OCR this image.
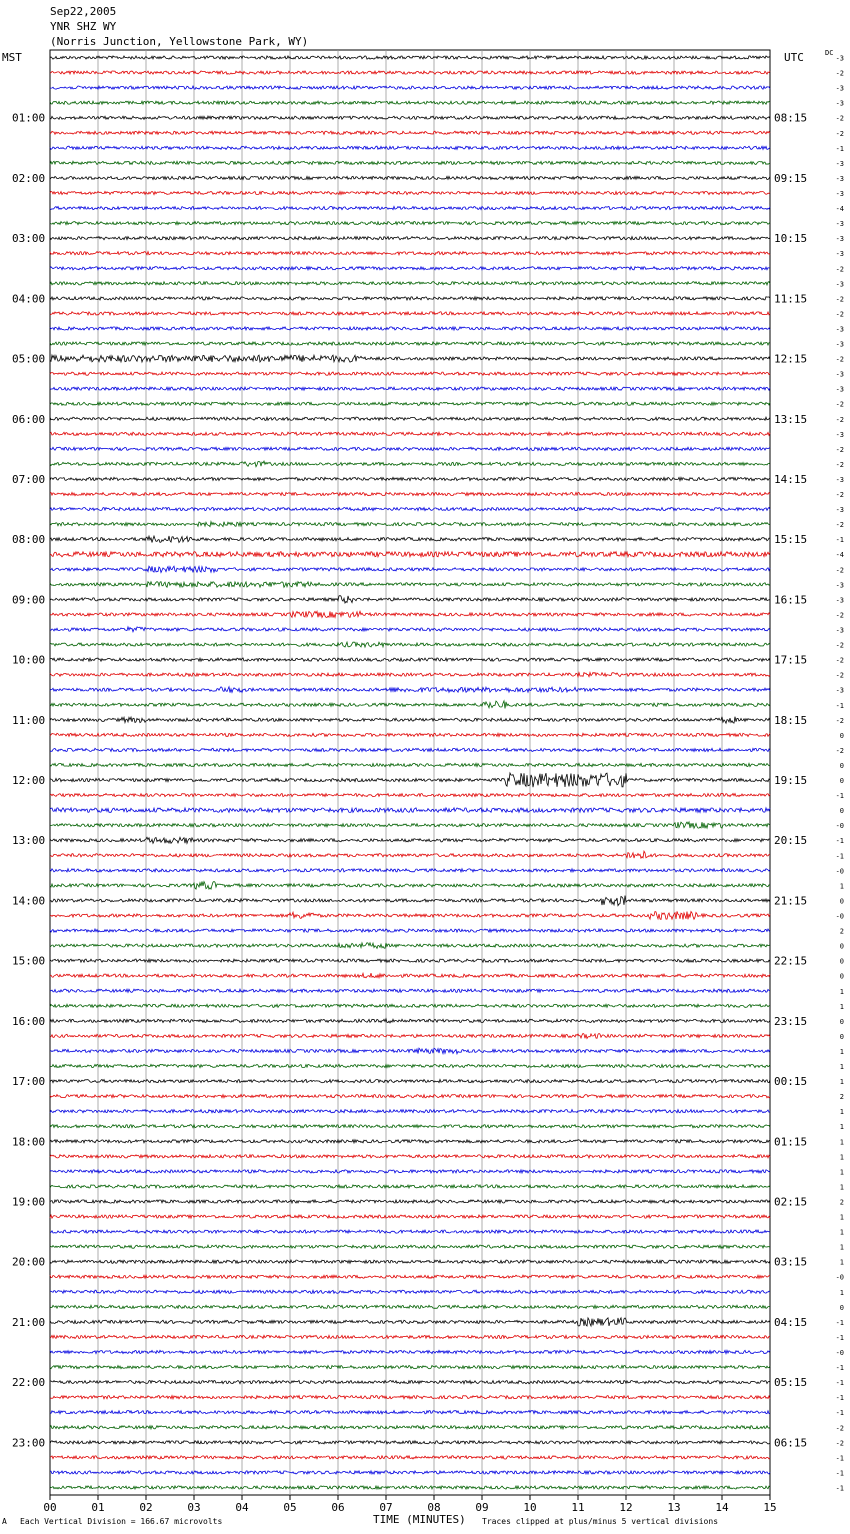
Sep22,2005
YNR SHZ WY
(Norris Junction, Yellowstone Park, WY)
MST	UTC	DC
01:00
02:00
03:00
04:00
05:00
06:00
07:00
08:00
09:00
10:00
11:00
12:00
13:00
14:00
15:00
16:00
17:00
18:00
19:00
20:00
21:00
22:00
23:00
08:15
09:15
10:15
11:15
12:15
13:15
14:15
15:15
16:15
17:15
18:15
19:15
20:15
21:15
22:15
23:15
00:15
01:15
02:15
03:15
04:15
05:15
06:15
-3
-2
-3
-3
-2
-2
-1
-3
-3
-3
-4
-3
-3
-3
-2
-3
-2
-2
-3
-3
-2
-3
-3
-2
-2
-3
-2
-2
-3
-2
-3
-2
-1
-4
-2
-3
-3
-2
-3
-2
-2
-2
-3
-1
-2
0
-2
0
0
-1
0
-0
-1
-1
-0
1
0
-0
2
0
0
0
1
1
0
0
1
1
1
2
1
1
1
1
1
1
2
1
1
1
1
-0
1
0
-1
-1
-0
-1
-1
-1
-1
-2
-2
-1
-1
-1
00	01	02	03	04	05	06	07	08	09	10	11	12	13	14	15
A Each Vertical Division = 166.67 microvolts	TIME (MINUTES) Traces clipped at plus/minus 5 vertical divisions
